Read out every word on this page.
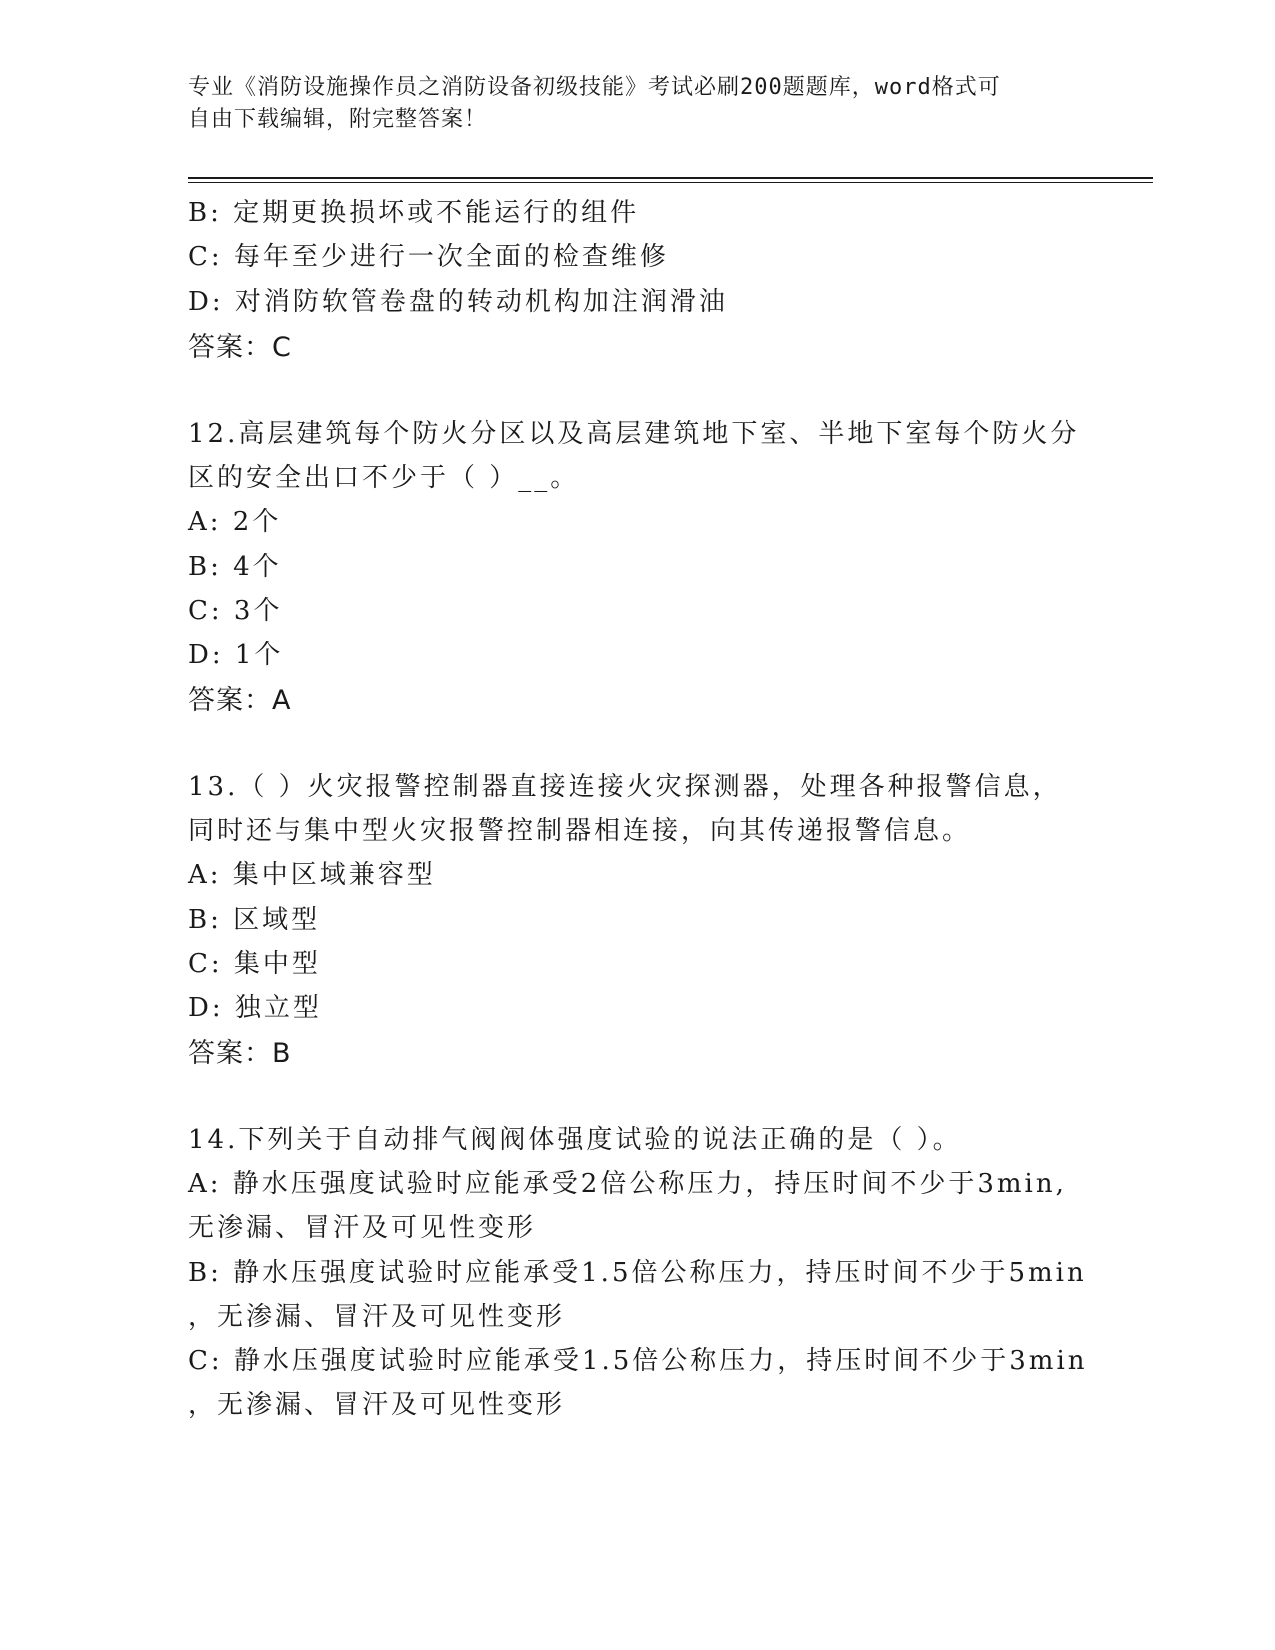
专业《消防设施操作员之消防设备初级技能》考试必刷200题题库，word格式可
自由下载编辑，附完整答案！
B: 定期更换损坏或不能运行的组件
C: 每年至少进行一次全面的检查维修
D: 对消防软管卷盘的转动机构加注润滑油
答案：C
12.高层建筑每个防火分区以及高层建筑地下室、半地下室每个防火分
区的安全出口不少于（ ）__。
A: 2个
B: 4个
C: 3个
D: 1个
答案：A
13.（ ）火灾报警控制器直接连接火灾探测器，处理各种报警信息，
同时还与集中型火灾报警控制器相连接，向其传递报警信息。
A: 集中区域兼容型
B: 区域型
C: 集中型
D: 独立型
答案：B
14.下列关于自动排气阀阀体强度试验的说法正确的是（ ）。
A: 静水压强度试验时应能承受2倍公称压力，持压时间不少于3min,
无渗漏、冒汗及可见性变形
B: 静水压强度试验时应能承受1.5倍公称压力，持压时间不少于5min
，无渗漏、冒汗及可见性变形
C: 静水压强度试验时应能承受1.5倍公称压力，持压时间不少于3min
，无渗漏、冒汗及可见性变形
